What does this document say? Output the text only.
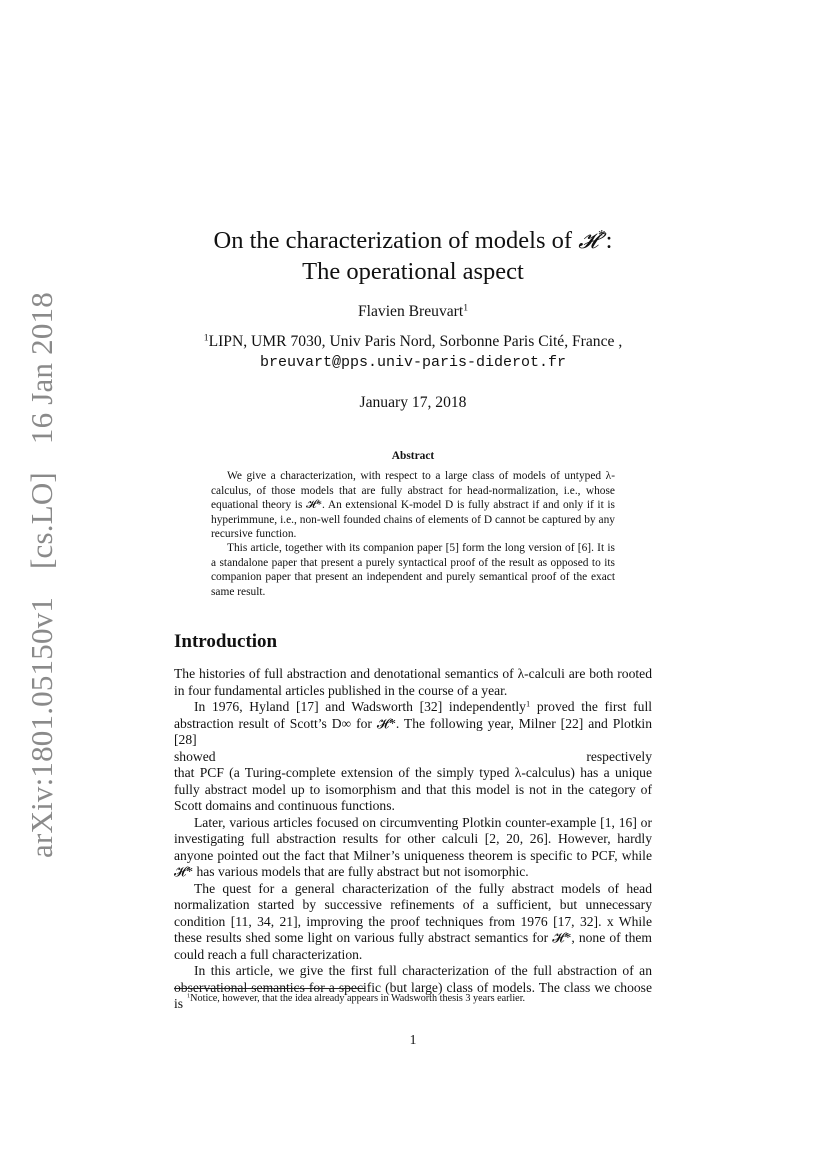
arXiv:1801.05150v1 [cs.LO] 16 Jan 2018
On the characterization of models of 𝓗*:
The operational aspect
Flavien Breuvart$^1$
$^1$LIPN, UMR 7030, Univ Paris Nord, Sorbonne Paris Cité, France ,
breuvart@pps.univ-paris-diderot.fr
January 17, 2018
Abstract

We give a characterization, with respect to a large class of models of untyped λ-calculus, of those models that are fully abstract for head-normalization, i.e., whose equational theory is 𝓗*. An extensional K-model D is fully abstract if and only if it is hyperimmune, i.e., non-well founded chains of elements of D cannot be captured by any recursive function.

This article, together with its companion paper [5] form the long version of [6]. It is a standalone paper that present a purely syntactical proof of the result as opposed to its companion paper that present an independent and purely semantical proof of the exact same result.

Introduction

The histories of full abstraction and denotational semantics of λ-calculi are both rooted in four fundamental articles published in the course of a year.

In 1976, Hyland [17] and Wadsworth [32] independently$^1$ proved the first full abstraction result of Scott’s D∞ for 𝓗*. The following year, Milner [22] and Plotkin [28]

showed	respectively

that PCF (a Turing-complete extension of the simply typed λ-calculus) has a unique fully abstract model up to isomorphism and that this model is not in the category of Scott domains and continuous functions.

Later, various articles focused on circumventing Plotkin counter-example [1, 16] or investigating full abstraction results for other calculi [2, 20, 26]. However, hardly anyone pointed out the fact that Milner’s uniqueness theorem is specific to PCF, while 𝓗* has various models that are fully abstract but not isomorphic.

The quest for a general characterization of the fully abstract models of head normalization started by successive refinements of a sufficient, but unnecessary condition [11, 34, 21], improving the proof techniques from 1976 [17, 32]. x While these results shed some light on various fully abstract semantics for 𝓗*, none of them could reach a full characterization.

In this article, we give the first full characterization of the full abstraction of an observational semantics for a specific (but large) class of models. The class we choose is $^1$Notice, however, that the idea already appears in Wadsworth thesis 3 years earlier.
1
